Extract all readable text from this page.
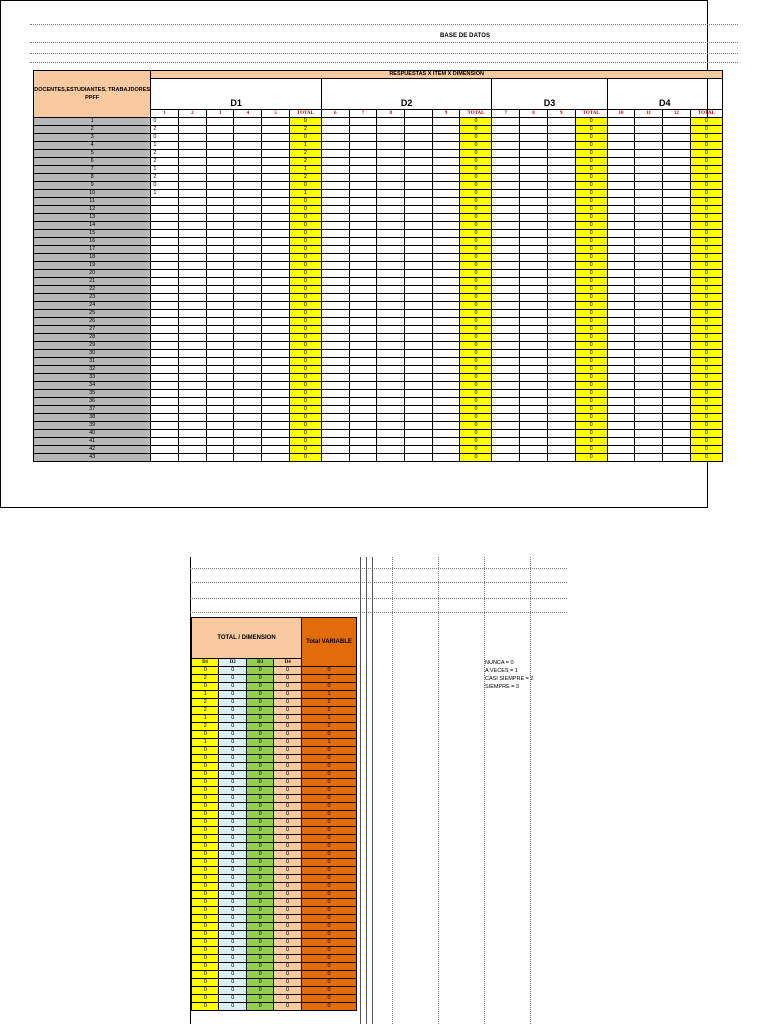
BASE DE DATOS
DOCENTES,ESTUDIANTES, TRABAJDORES PPFF	RESPUESTAS X ITEM X DIMENSION																			
	D1						D2						D3				D4			
	1	2	3	4	5	TOTAL	6	7	8		9	TOTAL	7	8	9	TOTAL	10	11	12	TOTAL
1	0					0						0				0				0
2	2					2						0				0				0
3	0					0						0				0				0
4	1					1						0				0				0
5	2					2						0				0				0
6	2					2						0				0				0
7	1					1						0				0				0
8	2					2						0				0				0
9	0					0						0				0				0
10	1					1						0				0				0
11						0						0				0				0
12						0						0				0				0
13						0						0				0				0
14						0						0				0				0
15						0						0				0				0
16						0						0				0				0
17						0						0				0				0
18						0						0				0				0
19						0						0				0				0
20						0						0				0				0
21						0						0				0				0
22						0						0				0				0
23						0						0				0				0
24						0						0				0				0
25						0						0				0				0
26						0						0				0				0
27						0						0				0				0
28						0						0				0				0
29						0						0				0				0
30						0						0				0				0
31						0						0				0				0
32						0						0				0				0
33						0						0				0				0
34						0						0				0				0
35						0						0				0				0
36						0						0				0				0
37						0						0				0				0
38						0						0				0				0
39						0						0				0				0
40						0						0				0				0
41						0						0				0				0
42						0						0				0				0
43						0						0				0				0
TOTAL / DIMENSION				Total VARIABLE
D1	D2	D3	D4	
0	0	0	0	0
2	0	0	0	2
0	0	0	0	0
1	0	0	0	1
2	0	0	0	2
2	0	0	0	2
1	0	0	0	1
2	0	0	0	2
0	0	0	0	0
1	0	0	0	1
0	0	0	0	0
0	0	0	0	0
0	0	0	0	0
0	0	0	0	0
0	0	0	0	0
0	0	0	0	0
0	0	0	0	0
0	0	0	0	0
0	0	0	0	0
0	0	0	0	0
0	0	0	0	0
0	0	0	0	0
0	0	0	0	0
0	0	0	0	0
0	0	0	0	0
0	0	0	0	0
0	0	0	0	0
0	0	0	0	0
0	0	0	0	0
0	0	0	0	0
0	0	0	0	0
0	0	0	0	0
0	0	0	0	0
0	0	0	0	0
0	0	0	0	0
0	0	0	0	0
0	0	0	0	0
0	0	0	0	0
0	0	0	0	0
0	0	0	0	0
0	0	0	0	0
0	0	0	0	0
0	0	0	0	0
NUNCA = 0
A VECES = 1
CASI SIEMPRE = 2
SIEMPRE = 3
